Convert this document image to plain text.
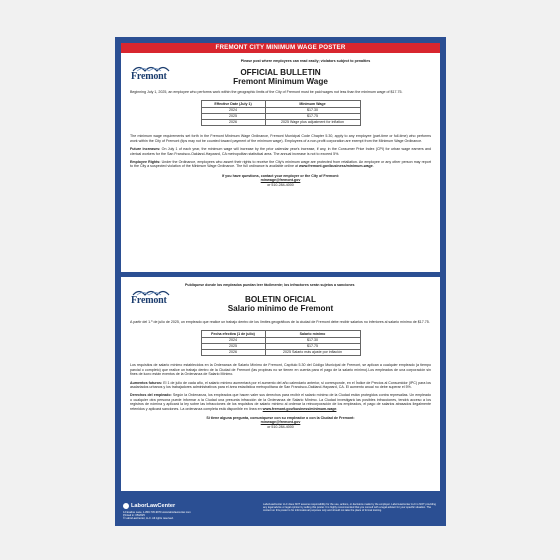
FREMONT CITY MINIMUM WAGE POSTER
Fremont
Please post where employees can read easily; violators subject to penalties
OFFICIAL BULLETIN
Fremont Minimum Wage

Beginning July 1, 2025, an employee who performs work within the geographic limits of the City of Fremont must be paid wages not less than the minimum wage of $17.75.

Effective Date (July 1)	Minimum Wage
2024	$17.30
2025	$17.75
2026	2025 Wage plus adjustment for inflation

The minimum wage requirements set forth in the Fremont Minimum Wage Ordinance, Fremont Municipal Code Chapter 5.30, apply to any employee (part-time or full-time) who performs work within the City of Fremont (tips may not be counted toward payment of the minimum wage). Employees of a non-profit corporation are exempt from the Minimum Wage Ordinance.

Future increases: On July 1 of each year, the minimum wage will increase by the prior calendar year's increase, if any, in the Consumer Price Index (CPI) for urban wage earners and clerical workers for the San Francisco-Oakland-Hayward, CA metropolitan statistical area. The annual increase is not to exceed 5%.

Employee Rights: Under the Ordinance, employees who assert their rights to receive the City's minimum wage are protected from retaliation. An employee or any other person may report to the City a suspected violation of the Minimum Wage Ordinance. The full ordinance is available online at www.fremont.gov/business/minimum-wage.

If you have questions, contact your employer or the City of Fremont:
minwage@fremont.gov
or 510-284-4000
Fremont
Publíquese donde los empleados puedan leer fácilmente; los infractores serán sujetos a sanciones
BOLETIN OFICIAL
Salario mínimo de Fremont

A partir del 1.º de julio de 2025, un empleado que realice un trabajo dentro de los límites geográficos de la ciudad de Fremont debe recibir salarios no inferiores al salario mínimo de $17.75.

Fecha efectiva (1 de julio)	Salario mínimo
2024	$17.30
2025	$17.75
2026	2025 Salario más ajuste por inflación

Los requisitos de salario mínimo establecidos en la Ordenanza de Salario Mínimo de Fremont, Capítulo 5.30 del Código Municipal de Fremont, se aplican a cualquier empleado (a tiempo parcial o completo) que realice un trabajo dentro de la Ciudad de Fremont (las propinas no se tienen en cuenta para el pago de la salario mínimo).Los empleados de una corporación sin fines de lucro están exentos de la Ordenanza de Salario Mínimo.

Aumentos futuros: El 1 de julio de cada año, el salario mínimo aumentará por el aumento del año calendario anterior, si corresponde, en el Índice de Precios al Consumidor (IPC) para los asalariados urbanos y los trabajadores administrativos para el área estadística metropolitana de San Francisco-Oakland-Hayward, CA. El aumento anual no debe superar el 5%.

Derechos del empleado: Según la Ordenanza, los empleados que hacen valer sus derechos para recibir el salario mínimo de la Ciudad están protegidos contra represalias. Un empleado o cualquier otra persona puede informar a la Ciudad una presunta infracción de la Ordenanza de Salario Mínimo. La Ciudad investigará las posibles infracciones, tendrá acceso a los registros de nómina y aplicará la ley sobre las infracciones de los requisitos de salario mínimo al ordenar la reincorporación de los empleados, el pago de salarios atrasados ilegalmente retenidos y aplicará sanciones. La ordenanza completa está disponible en línea en www.fremont.gov/business/minimum-wage.

Si tiene alguna pregunta, comuníquese con su empleador o con la Ciudad de Fremont:
minwage@fremont.gov
or 510-284-4000
LaborLawCenter
12 Evaline Lane, 1-800-745-9970 www.laborlawcenter.com
Printed in: 05/2025
© LaborLawCenter, LLC. All rights reserved.
LaborLawCenter LLC does NOT assume responsibility for the use, actions, or decisions made by the employer. LaborLawCenter LLC is NOT providing any legal advice or legal opinion by selling this poster. It is highly recommended that you consult with a legal advisor for your specific situation. The content on this poster is for informational purposes only and should not take the place of formal training.
